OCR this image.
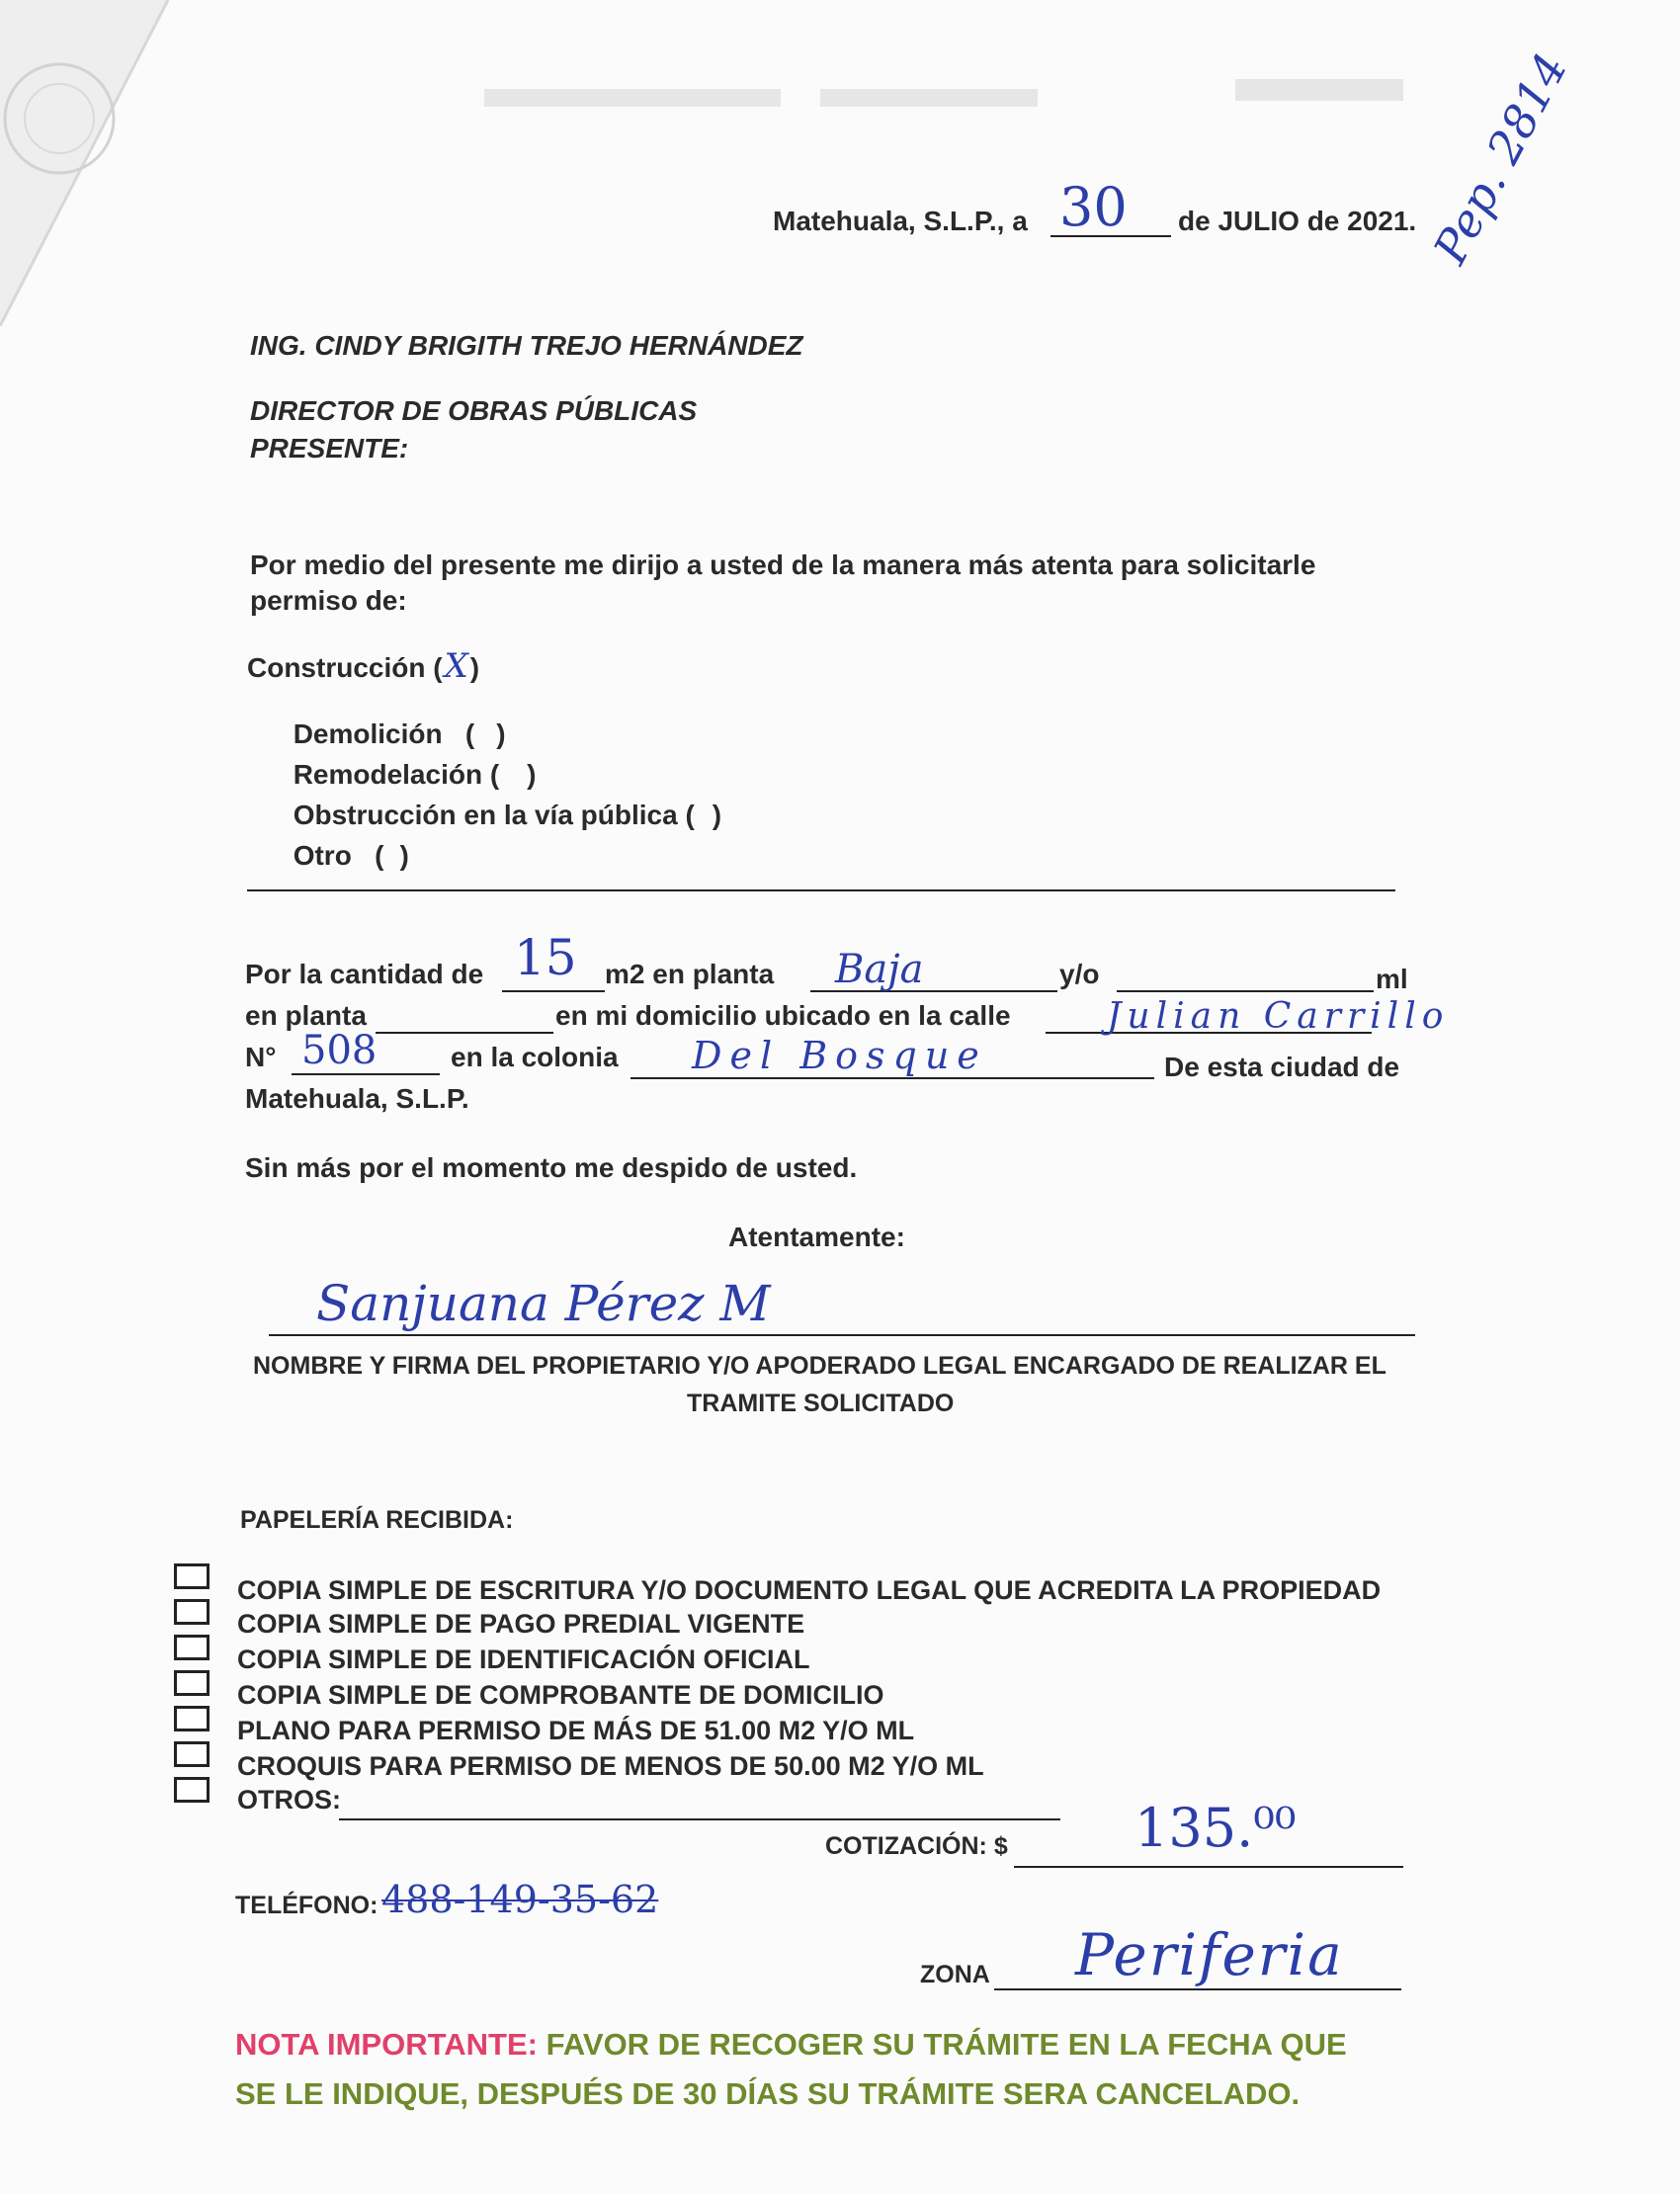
Matehuala, S.L.P., a 30 de JULIO de 2021. Pep. 2814
ING. CINDY BRIGITH TREJO HERNÁNDEZ
DIRECTOR DE OBRAS PÚBLICAS
PRESENTE:
Por medio del presente me dirijo a usted de la manera más atenta para solicitarle
permiso de:
Construcción (X)

Demolición   ( )

Remodelación ( )

Obstrucción en la vía pública ( )

Otro   ( )

Por la cantidad de 15 m2 en planta Baja	y/o	ml
en planta	en mi domicilio ubicado en la calle	Julian Carrillo
N° 508	en la colonia Del Bosque	De esta ciudad de
Matehuala, S.L.P.
Sin más por el momento me despido de usted.
Atentamente:
Sanjuana Pérez M
NOMBRE Y FIRMA DEL PROPIETARIO Y/O APODERADO LEGAL ENCARGADO DE REALIZAR EL
TRAMITE SOLICITADO
PAPELERÍA RECIBIDA:
COPIA SIMPLE DE ESCRITURA Y/O DOCUMENTO LEGAL QUE ACREDITA LA PROPIEDAD
COPIA SIMPLE DE PAGO PREDIAL VIGENTE
COPIA SIMPLE DE IDENTIFICACIÓN OFICIAL
COPIA SIMPLE DE COMPROBANTE DE DOMICILIO
PLANO PARA PERMISO DE MÁS DE 51.00 M2 Y/O ML
CROQUIS PARA PERMISO DE MENOS DE 50.00 M2 Y/O ML
OTROS:
COTIZACIÓN: $ 135.⁰⁰
TELÉFONO: 488-149-35-62
ZONA Periferia
NOTA IMPORTANTE: FAVOR DE RECOGER SU TRÁMITE EN LA FECHA QUE
SE LE INDIQUE, DESPUÉS DE 30 DÍAS SU TRÁMITE SERA CANCELADO.
